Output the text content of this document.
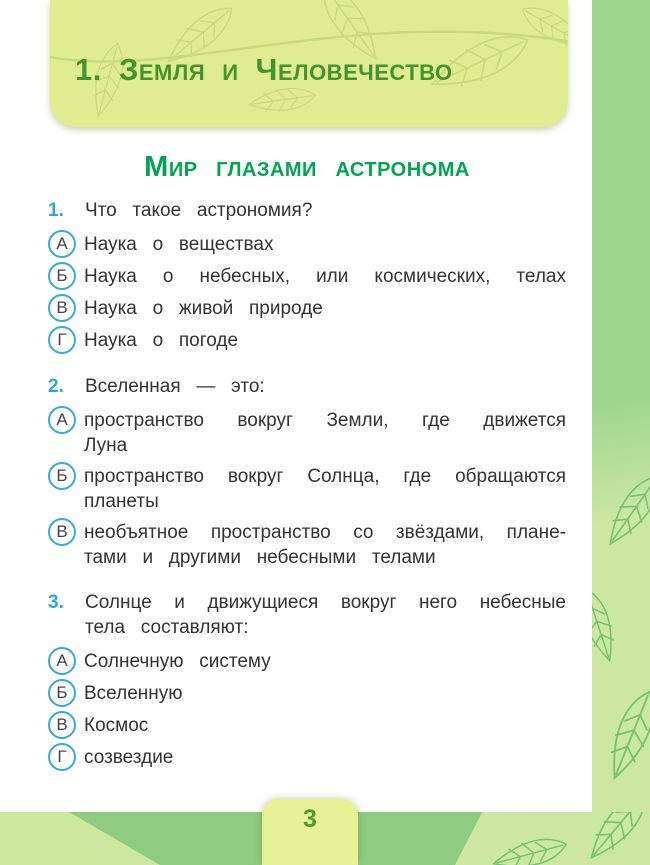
1. Земля и Человечество
Мир глазами астронома
1.	Что такое астрономия?
А Наука о веществах
Б Наука о небесных, или космических, телах
В Наука о живой природе
Г Наука о погоде
2.	Вселенная — это:
А пространство вокруг Земли, где движется
Луна
Б пространство вокруг Солнца, где обращаются
планеты
В необъятное пространство со звёздами, плане-
тами и другими небесными телами
3.	Солнце и движущиеся вокруг него небесные
тела составляют:
А Солнечную систему
Б Вселенную
В Космос
Г созвездие
3
